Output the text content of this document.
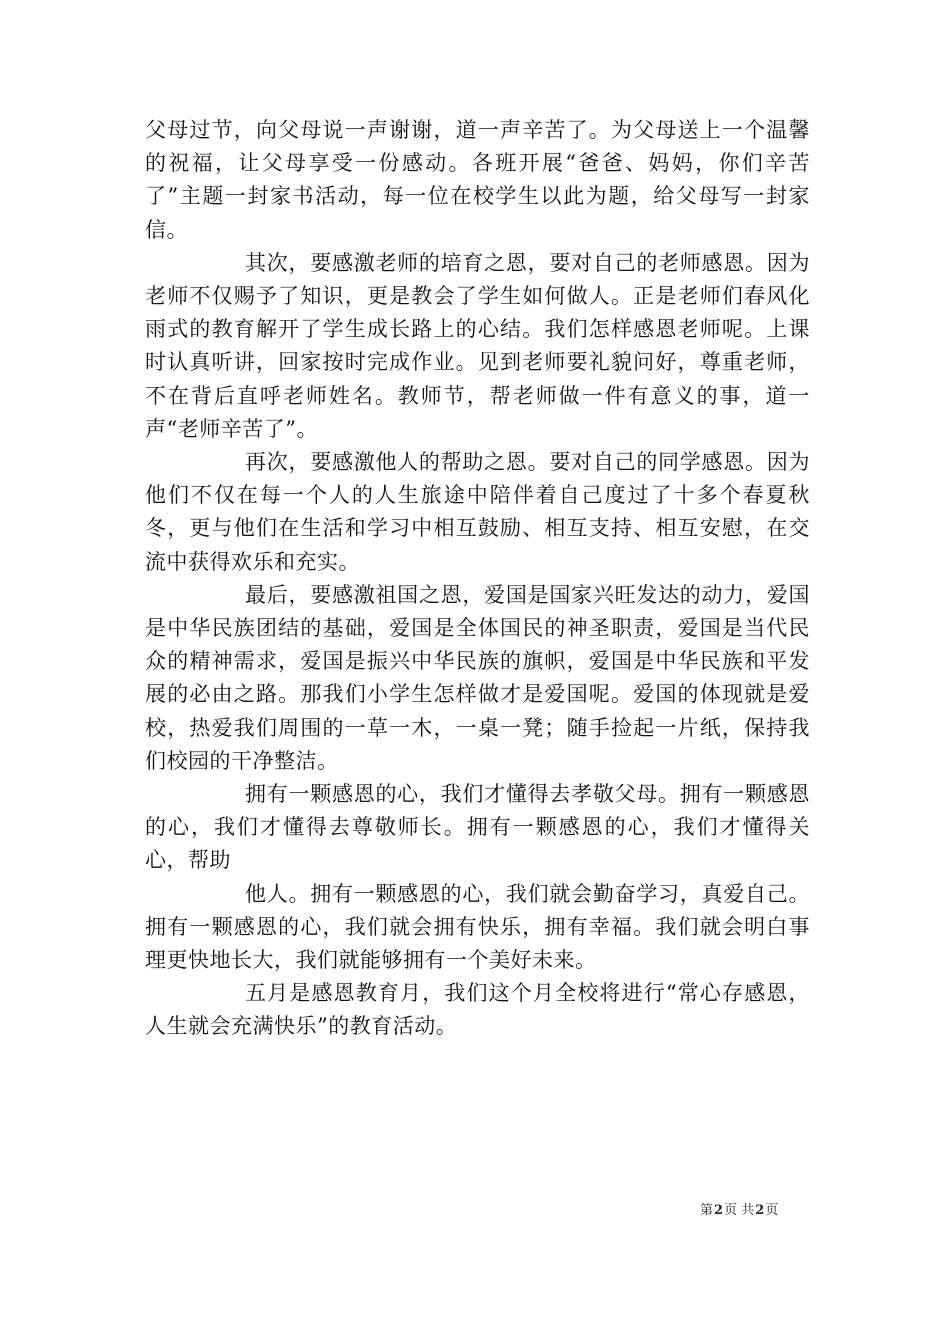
父母过节，向父母说一声谢谢，道一声辛苦了。为父母送上一个温馨的祝福，让父母享受一份感动。各班开展“爸爸、妈妈，你们辛苦了”主题一封家书活动，每一位在校学生以此为题，给父母写一封家信。

其次，要感激老师的培育之恩，要对自己的老师感恩。因为老师不仅赐予了知识，更是教会了学生如何做人。正是老师们春风化雨式的教育解开了学生成长路上的心结。我们怎样感恩老师呢。上课时认真听讲，回家按时完成作业。见到老师要礼貌问好，尊重老师，不在背后直呼老师姓名。教师节，帮老师做一件有意义的事，道一声“老师辛苦了”。

再次，要感激他人的帮助之恩。要对自己的同学感恩。因为他们不仅在每一个人的人生旅途中陪伴着自己度过了十多个春夏秋冬，更与他们在生活和学习中相互鼓励、相互支持、相互安慰，在交流中获得欢乐和充实。

最后，要感激祖国之恩，爱国是国家兴旺发达的动力，爱国是中华民族团结的基础，爱国是全体国民的神圣职责，爱国是当代民众的精神需求，爱国是振兴中华民族的旗帜，爱国是中华民族和平发展的必由之路。那我们小学生怎样做才是爱国呢。爱国的体现就是爱校，热爱我们周围的一草一木，一桌一凳；随手捡起一片纸，保持我们校园的干净整洁。

拥有一颗感恩的心，我们才懂得去孝敬父母。拥有一颗感恩的心，我们才懂得去尊敬师长。拥有一颗感恩的心，我们才懂得关心，帮助

他人。拥有一颗感恩的心，我们就会勤奋学习，真爱自己。拥有一颗感恩的心，我们就会拥有快乐，拥有幸福。我们就会明白事理更快地长大，我们就能够拥有一个美好未来。

五月是感恩教育月，我们这个月全校将进行“常心存感恩，人生就会充满快乐”的教育活动。

第2页 共2页
